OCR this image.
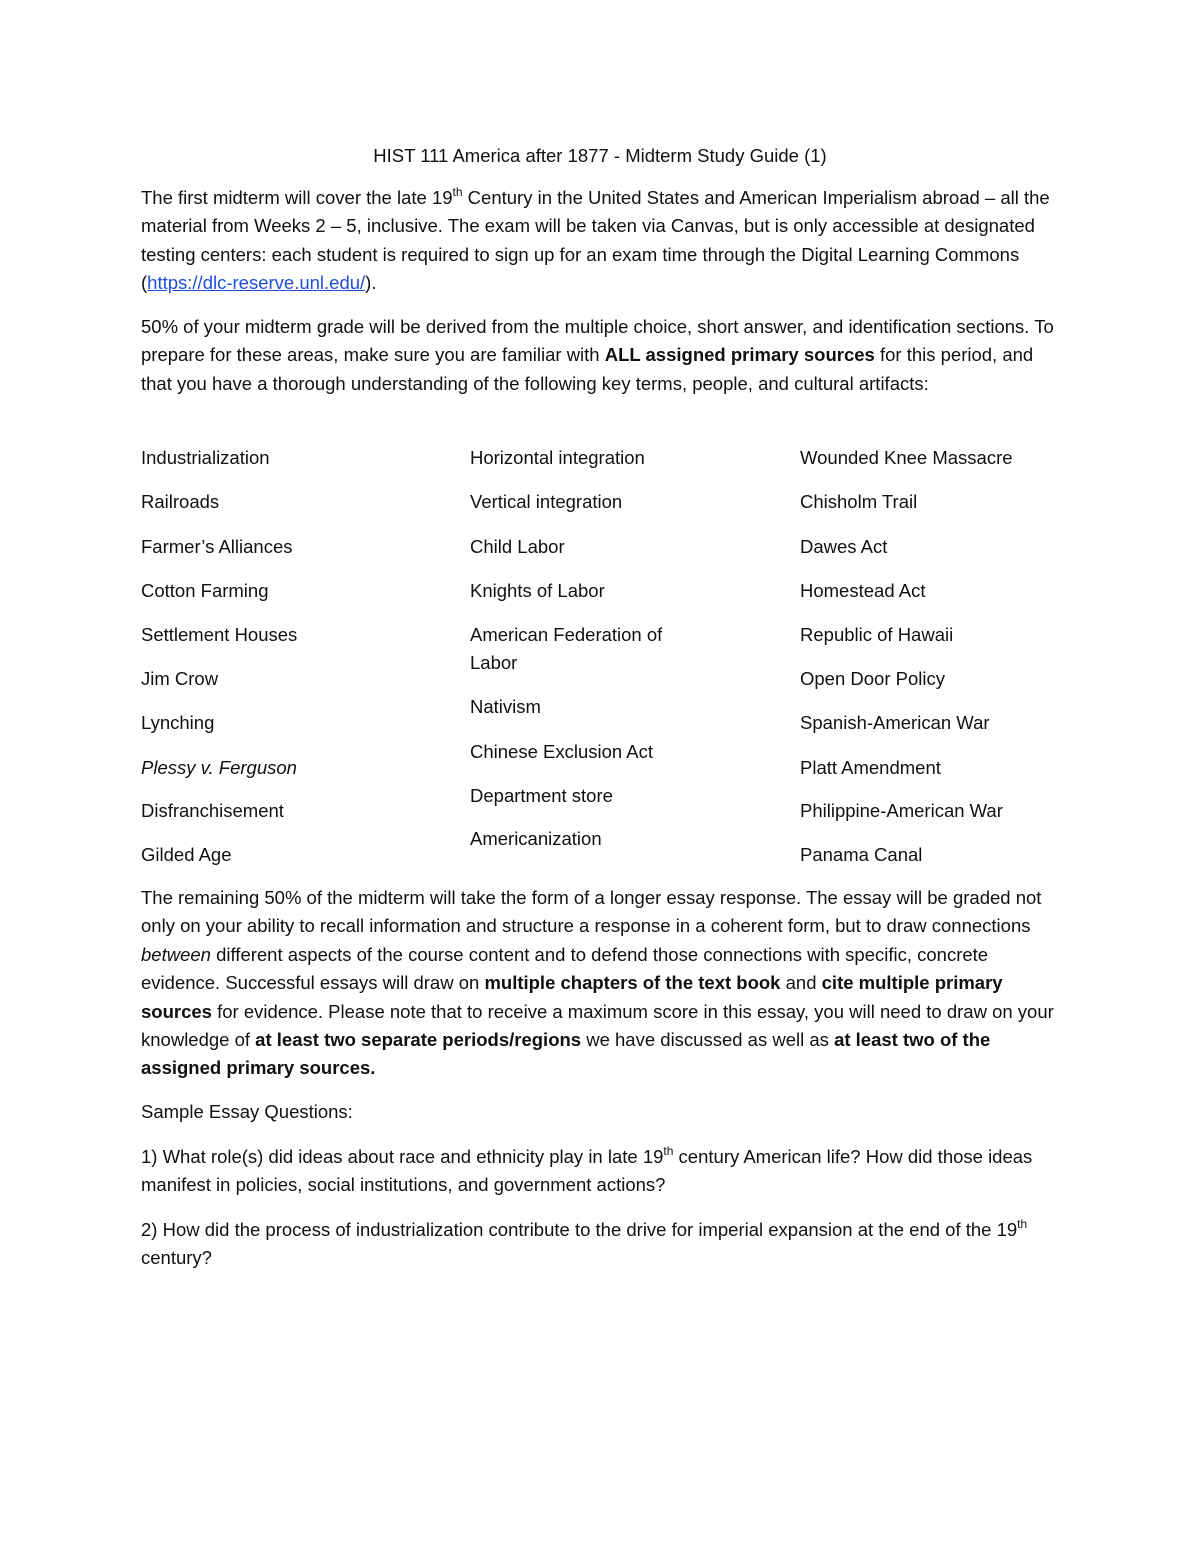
HIST 111 America after 1877 - Midterm Study Guide (1)
The first midterm will cover the late 19th Century in the United States and American Imperialism abroad – all the material from Weeks 2 – 5, inclusive. The exam will be taken via Canvas, but is only accessible at designated testing centers: each student is required to sign up for an exam time through the Digital Learning Commons (https://dlc-reserve.unl.edu/).
50% of your midterm grade will be derived from the multiple choice, short answer, and identification sections. To prepare for these areas, make sure you are familiar with ALL assigned primary sources for this period, and that you have a thorough understanding of the following key terms, people, and cultural artifacts:
Industrialization
Railroads
Farmer’s Alliances
Cotton Farming
Settlement Houses
Jim Crow
Lynching
Plessy v. Ferguson
Disfranchisement
Gilded Age
Horizontal integration
Vertical integration
Child Labor
Knights of Labor
American Federation of Labor
Nativism
Chinese Exclusion Act
Department store
Americanization
Wounded Knee Massacre
Chisholm Trail
Dawes Act
Homestead Act
Republic of Hawaii
Open Door Policy
Spanish-American War
Platt Amendment
Philippine-American War
Panama Canal
The remaining 50% of the midterm will take the form of a longer essay response. The essay will be graded not only on your ability to recall information and structure a response in a coherent form, but to draw connections between different aspects of the course content and to defend those connections with specific, concrete evidence. Successful essays will draw on multiple chapters of the text book and cite multiple primary sources for evidence. Please note that to receive a maximum score in this essay, you will need to draw on your knowledge of at least two separate periods/regions we have discussed as well as at least two of the assigned primary sources.
Sample Essay Questions:
1) What role(s) did ideas about race and ethnicity play in late 19th century American life? How did those ideas manifest in policies, social institutions, and government actions?
2) How did the process of industrialization contribute to the drive for imperial expansion at the end of the 19th century?
